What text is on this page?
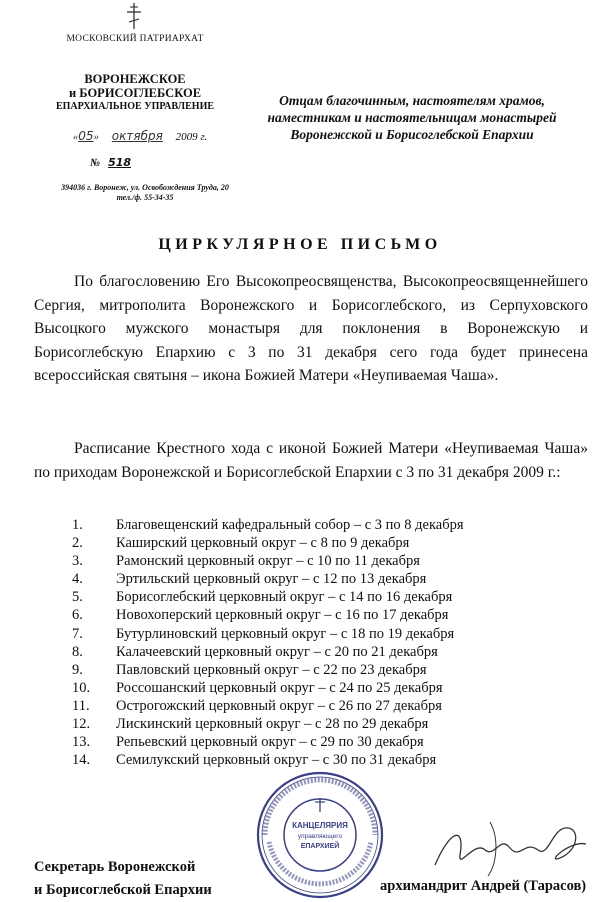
МОСКОВСКИЙ ПАТРИАРХАТ
ВОРОНЕЖСКОЕ
и БОРИСОГЛЕБСКОЕ
ЕПАРХИАЛЬНОЕ УПРАВЛЕНИЕ
«05» октября 2009 г.
№ 518
394036 г. Воронеж, ул. Освобождения Труда, 20
тел./ф. 55-34-35
Отцам благочинным, настоятелям храмов,
наместникам и настоятельницам монастырей
Воронежской и Борисоглебской Епархии
ЦИРКУЛЯРНОЕ ПИСЬМО
По благословению Его Высокопреосвященства, Высокопреосвященнейшего Сергия, митрополита Воронежского и Борисоглебского, из Серпуховского Высоцкого мужского монастыря для поклонения в Воронежскую и Борисоглебскую Епархию с 3 по 31 декабря сего года будет принесена всероссийская святыня – икона Божией Матери «Неупиваемая Чаша».
Расписание Крестного хода с иконой Божией Матери «Неупиваемая Чаша» по приходам Воронежской и Борисоглебской Епархии с 3 по 31 декабря 2009 г.:
1.	Благовещенский кафедральный собор – с 3 по 8 декабря
2.	Каширский церковный округ – с 8 по 9 декабря
3.	Рамонский церковный округ – с 10 по 11 декабря
4.	Эртильский церковный округ – с 12 по 13 декабря
5.	Борисоглебский церковный округ – с 14 по 16 декабря
6.	Новохоперский церковный округ – с 16 по 17 декабря
7.	Бутурлиновский церковный округ – с 18 по 19 декабря
8.	Калачеевский церковный округ – с 20 по 21 декабря
9.	Павловский церковный округ – с 22 по 23 декабря
10.	Россошанский церковный округ – с 24 по 25 декабря
11.	Острогожский церковный округ – с 26 по 27 декабря
12.	Лискинский церковный округ – с 28 по 29 декабря
13.	Репьевский церковный округ – с 29 по 30 декабря
14.	Семилукский церковный округ – с 30 по 31 декабря
КАНЦЕЛЯРИЯ
управляющего
ЕПАРХИЕЙ
Секретарь Воронежской
и Борисоглебской Епархии	архимандрит Андрей (Тарасов)
